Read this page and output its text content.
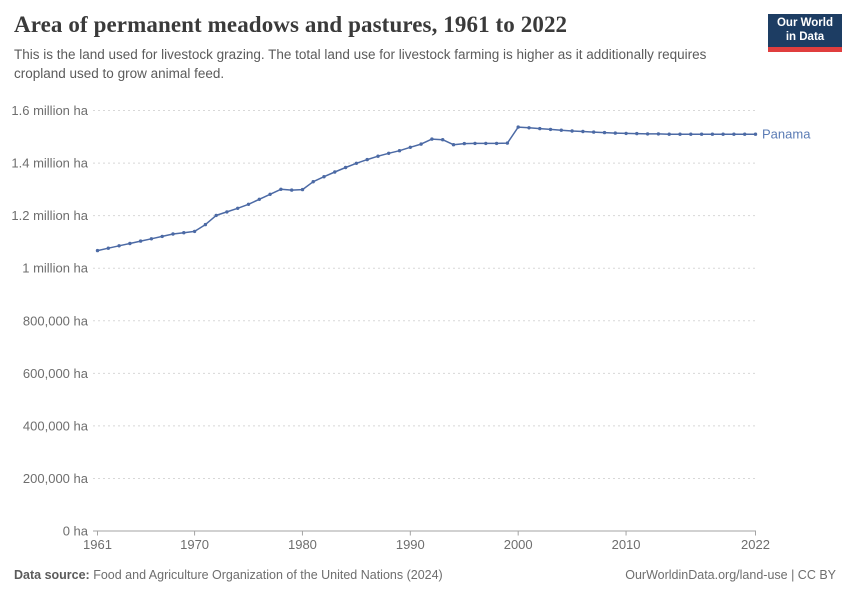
Area of permanent meadows and pastures, 1961 to 2022

This is the land used for livestock grazing. The total land use for livestock farming is higher as it additionally requires cropland used to grow animal feed.

Our World
in Data
0 ha
200,000 ha
400,000 ha
600,000 ha
800,000 ha
1 million ha
1.2 million ha
1.4 million ha
1.6 million ha
1961	1970	1980	1990	2000	2010	2022
Panama
Data source: Food and Agriculture Organization of the United Nations (2024)	OurWorldinData.org/land-use | CC BY
